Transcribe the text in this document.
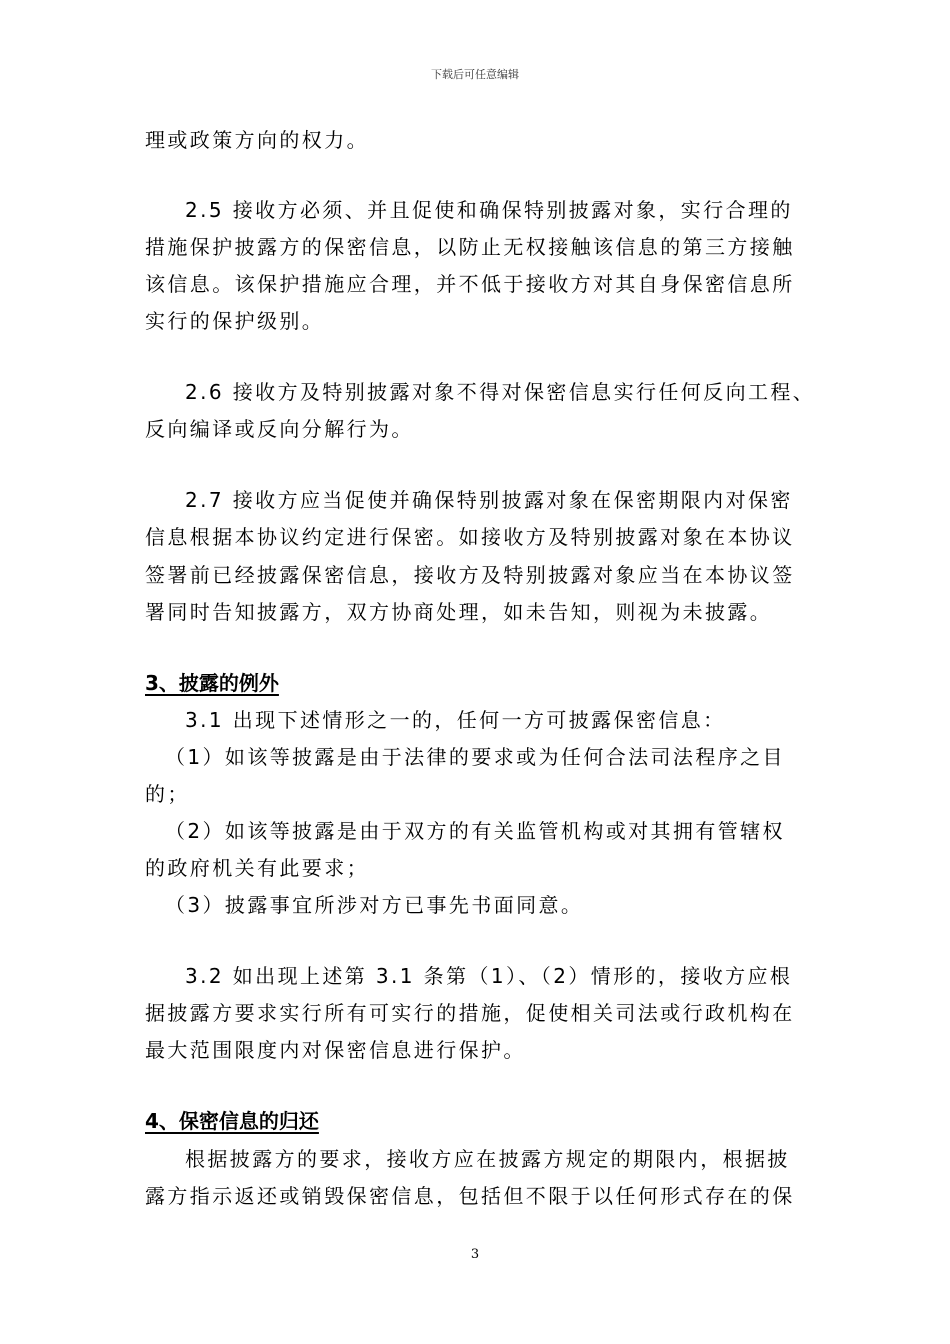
下载后可任意编辑
理或政策方向的权力。
2.5 接收方必须、并且促使和确保特别披露对象，实行合理的
措施保护披露方的保密信息，以防止无权接触该信息的第三方接触
该信息。该保护措施应合理，并不低于接收方对其自身保密信息所
实行的保护级别。
2.6 接收方及特别披露对象不得对保密信息实行任何反向工程、
反向编译或反向分解行为。
2.7 接收方应当促使并确保特别披露对象在保密期限内对保密
信息根据本协议约定进行保密。如接收方及特别披露对象在本协议
签署前已经披露保密信息，接收方及特别披露对象应当在本协议签
署同时告知披露方，双方协商处理，如未告知，则视为未披露。
3、披露的例外
3.1 出现下述情形之一的，任何一方可披露保密信息：
（1）如该等披露是由于法律的要求或为任何合法司法程序之目
的；
（2）如该等披露是由于双方的有关监管机构或对其拥有管辖权
的政府机关有此要求；
（3）披露事宜所涉对方已事先书面同意。
3.2 如出现上述第 3.1 条第（1）、（2）情形的，接收方应根
据披露方要求实行所有可实行的措施，促使相关司法或行政机构在
最大范围限度内对保密信息进行保护。
4、保密信息的归还
根据披露方的要求，接收方应在披露方规定的期限内，根据披
露方指示返还或销毁保密信息，包括但不限于以任何形式存在的保
3
